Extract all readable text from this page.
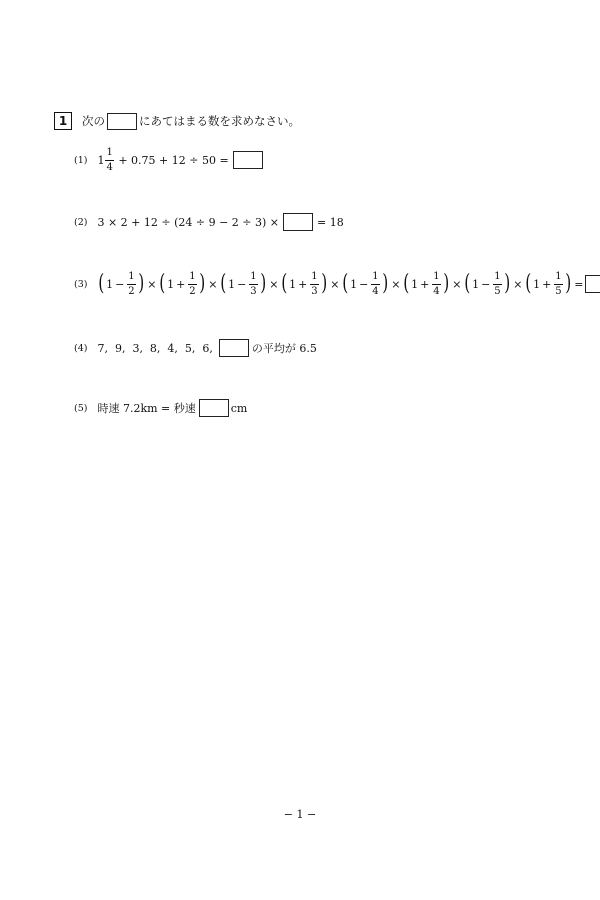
1	次の	にあてはまる数を求めなさい。
(1) $1 \frac{1}{4} + 0.75 + 12 \div 50$ =
(2) 3 × 2 + 12 ÷ (24 ÷ 9 − 2 ÷ 3) ×	= 18
(3) ( $1 - \frac{1}{2}$ ) × ( $1 + \frac{1}{2}$ ) × ( $1 - \frac{1}{3}$ ) × ( $1 + \frac{1}{3}$ ) × ( $1 - \frac{1}{4}$ ) × ( $1 + \frac{1}{4}$ ) × ( $1 - \frac{1}{5}$ ) × ( $1 + \frac{1}{5}$ ) =
(4) 7,  9,  3,  8,  4,  5,  6,	の平均が 6.5
(5) 時速 7.2km = 秒速	cm
− 1 −
